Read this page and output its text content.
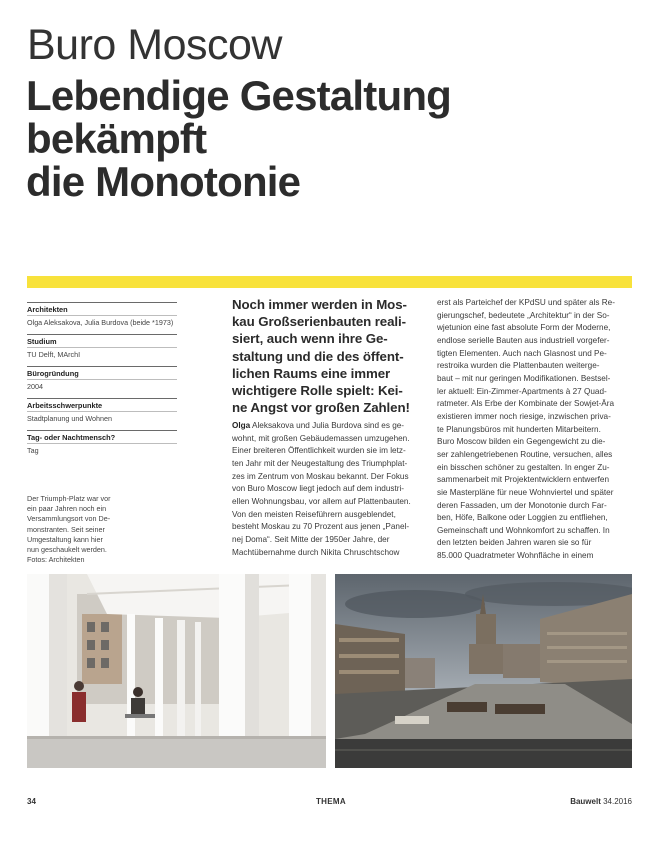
Buro Moscow
Lebendige Gestaltung
bekämpft
die Monotonie
Architekten
Olga Aleksakova, Julia Burdova (beide *1973)
Studium
TU Delft, MArchI
Bürogründung
2004
Arbeitsschwerpunkte
Stadtplanung und Wohnen
Tag- oder Nachtmensch?
Tag
Der Triumph-Platz war vor
ein paar Jahren noch ein
Versammlungsort von De-
monstranten. Seit seiner
Umgestaltung kann hier
nun geschaukelt werden.
Fotos: Architekten
Noch immer werden in Mos-
kau Großserienbauten reali-
siert, auch wenn ihre Ge-
staltung und die des öffent-
lichen Raums eine immer
wichtigere Rolle spielt: Kei-
ne Angst vor großen Zahlen!
Olga Aleksakova und Julia Burdova sind es ge-
wohnt, mit großen Gebäudemassen umzugehen.
Einer breiteren Öffentlichkeit wurden sie im letz-
ten Jahr mit der Neugestaltung des Triumphplat-
zes im Zentrum von Moskau bekannt. Der Fokus
von Buro Moscow liegt jedoch auf dem industri-
ellen Wohnungsbau, vor allem auf Plattenbauten.
Von den meisten Reiseführern ausgeblendet,
besteht Moskau zu 70 Prozent aus jenen „Panel-
nej Doma“. Seit Mitte der 1950er Jahre, der
Machtübernahme durch Nikita Chruschtschow
erst als Parteichef der KPdSU und später als Re-
gierungschef, bedeutete „Architektur“ in der So-
wjetunion eine fast absolute Form der Moderne,
endlose serielle Bauten aus industriell vorgefer-
tigten Elementen. Auch nach Glasnost und Pe-
restroika wurden die Plattenbauten weiterge-
baut – mit nur geringen Modifikationen. Bestsel-
ler aktuell: Ein-Zimmer-Apartments à 27 Quad-
ratmeter. Als Erbe der Kombinate der Sowjet-Ära
existieren immer noch riesige, inzwischen priva-
te Planungsbüros mit hunderten Mitarbeitern.
Buro Moscow bilden ein Gegengewicht zu die-
ser zahlengetriebenen Routine, versuchen, alles
ein bisschen schöner zu gestalten. In enger Zu-
sammenarbeit mit Projektentwicklern entwerfen
sie Masterpläne für neue Wohnviertel und später
deren Fassaden, um der Monotonie durch Far-
ben, Höfe, Balkone oder Loggien zu entfliehen,
Gemeinschaft und Wohnkomfort zu schaffen. In
den letzten beiden Jahren waren sie so für
85.000 Quadratmeter Wohnfläche in einem
34	THEMA	Bauwelt 34.2016
